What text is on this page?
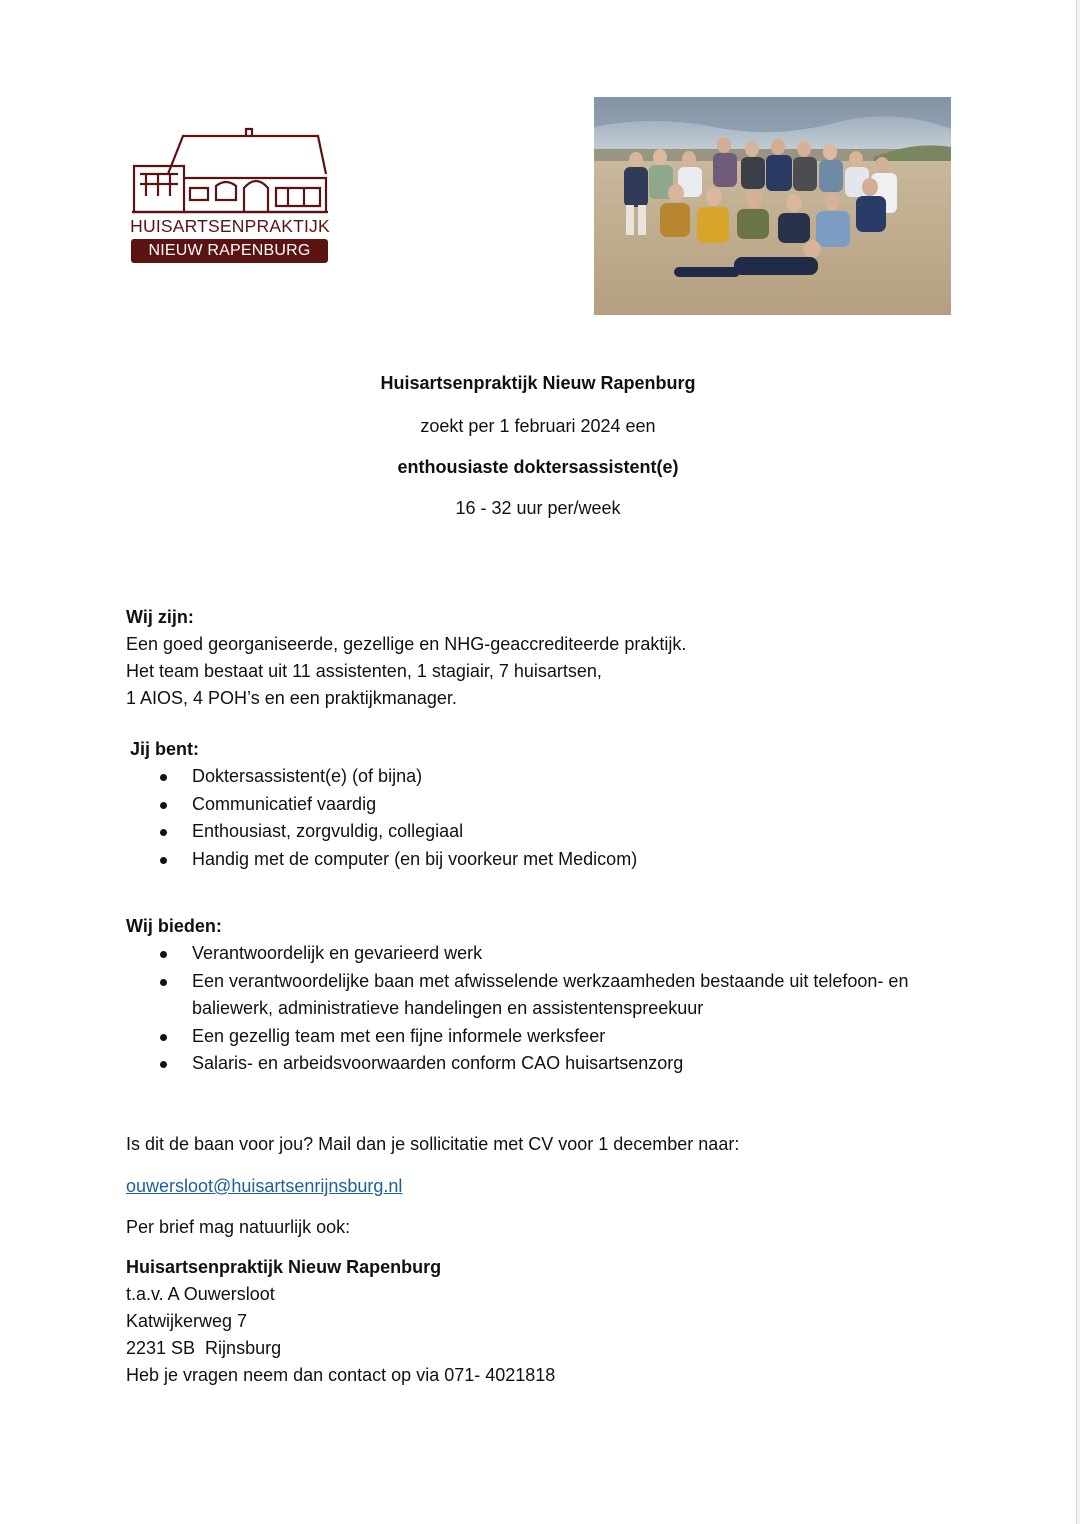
HUISARTSENPRAKTIJK
NIEUW RAPENBURG
Huisartsenpraktijk Nieuw Rapenburg
zoekt per 1 februari 2024 een
enthousiaste doktersassistent(e)
16 - 32 uur per/week

Wij zijn:

Een goed georganiseerde, gezellige en NHG-geaccrediteerde praktijk.

Het team bestaat uit 11 assistenten, 1 stagiair, 7 huisartsen,

1 AIOS, 4 POH’s en een praktijkmanager.

Jij bent:

Doktersassistent(e) (of bijna)
Communicatief vaardig
Enthousiast, zorgvuldig, collegiaal
Handig met de computer (en bij voorkeur met Medicom)

Wij bieden:

Verantwoordelijk en gevarieerd werk
Een verantwoordelijke baan met afwisselende werkzaamheden bestaande uit telefoon- en baliewerk, administratieve handelingen en assistentenspreekuur
Een gezellig team met een fijne informele werksfeer
Salaris- en arbeidsvoorwaarden conform CAO huisartsenzorg
Is dit de baan voor jou? Mail dan je sollicitatie met CV voor 1 december naar:
ouwersloot@huisartsenrijnsburg.nl
Per brief mag natuurlijk ook:

Huisartsenpraktijk Nieuw Rapenburg

t.a.v. A Ouwersloot

Katwijkerweg 7

2231 SB  Rijnsburg

Heb je vragen neem dan contact op via 071- 4021818
